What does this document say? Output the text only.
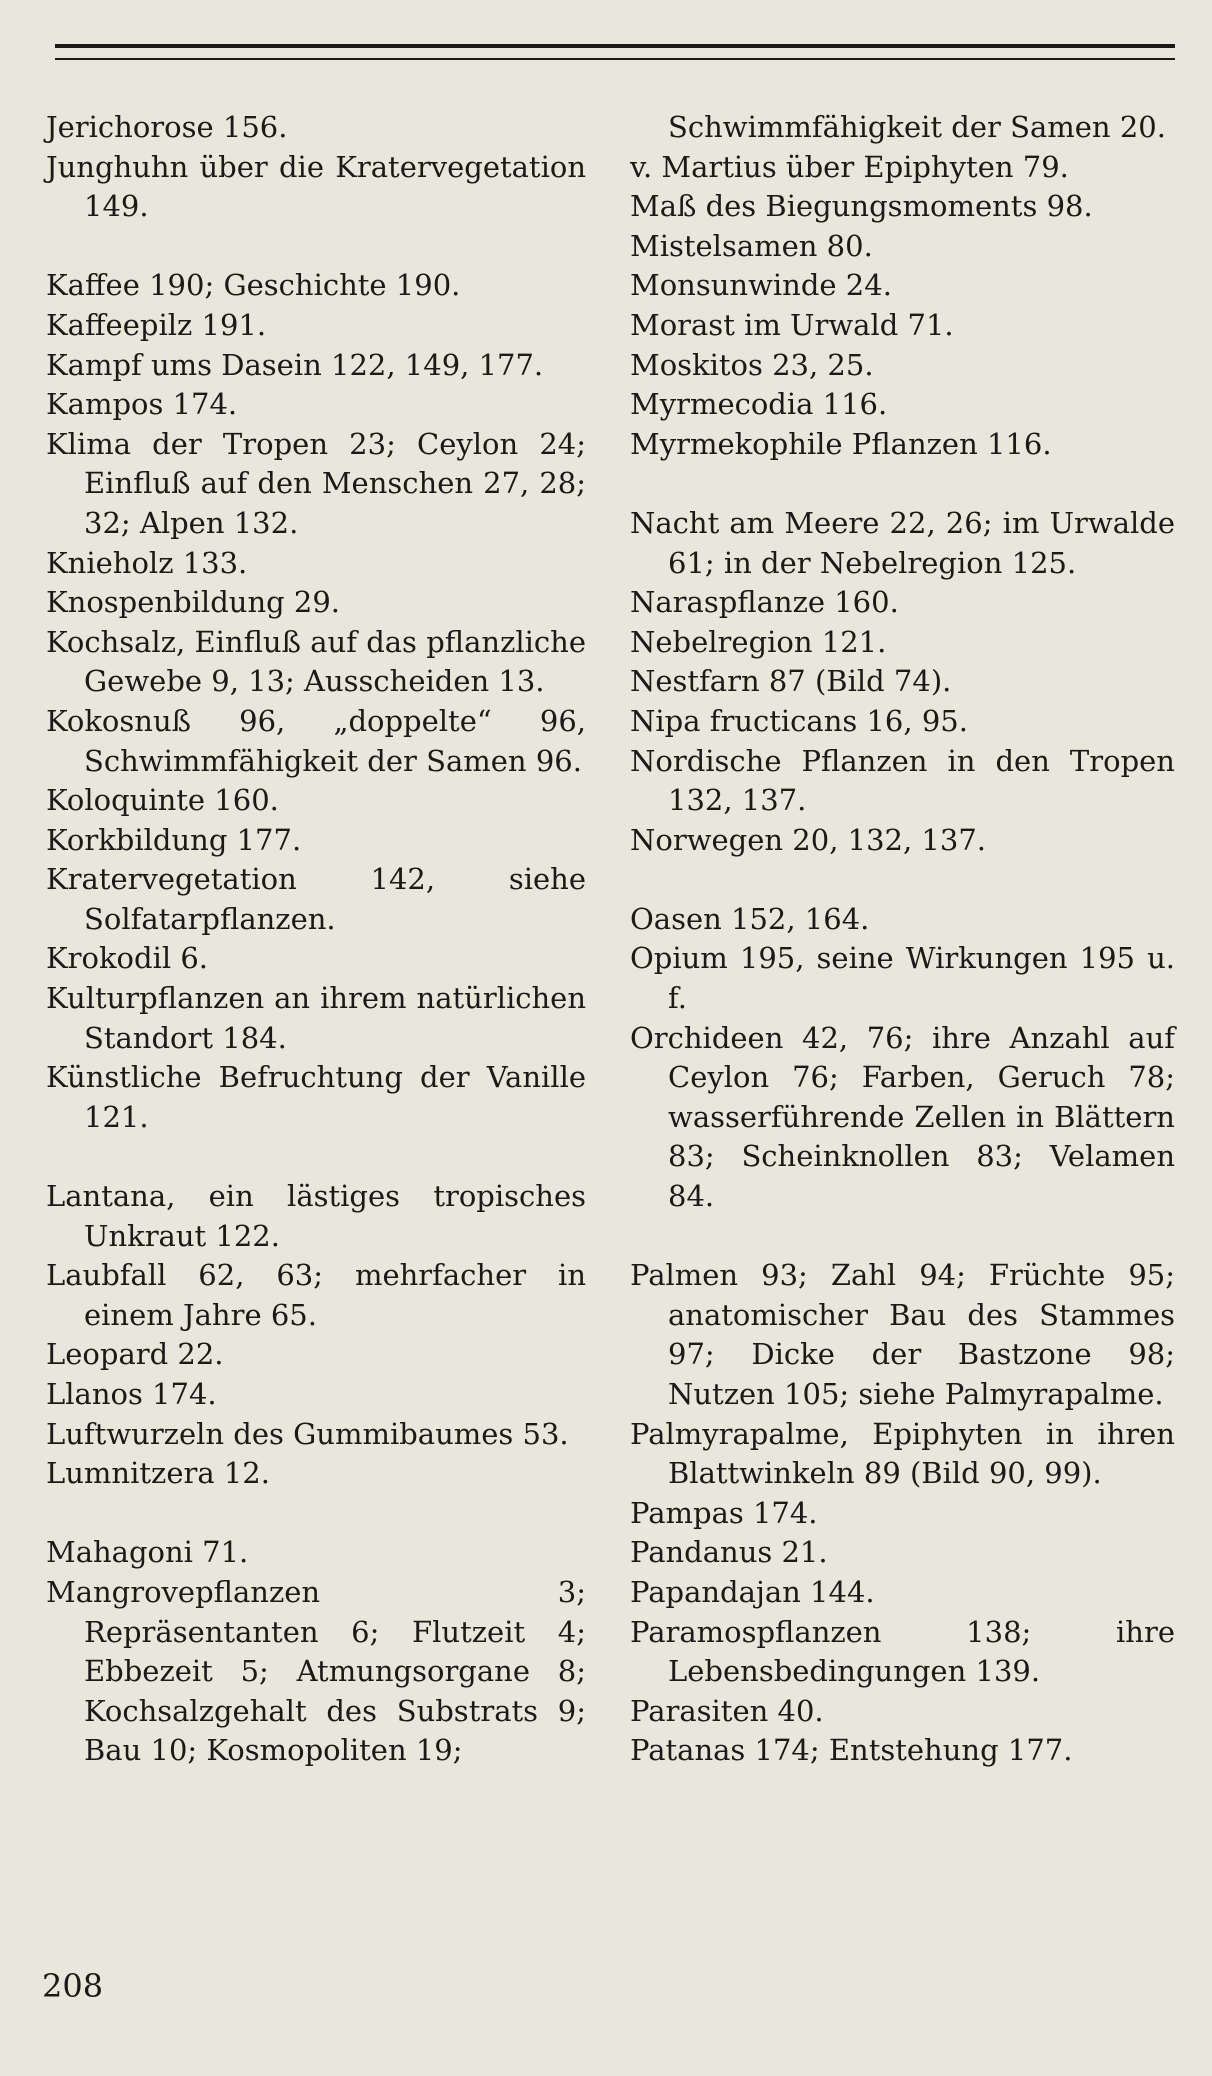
Jerichorose 156.
Junghuhn über die Kratervegetation 149.
Kaffee 190; Geschichte 190.
Kaffeepilz 191.
Kampf ums Dasein 122, 149, 177.
Kampos 174.
Klima der Tropen 23; Ceylon 24; Einfluß auf den Menschen 27, 28; 32; Alpen 132.
Knieholz 133.
Knospenbildung 29.
Kochsalz, Einfluß auf das pflanzliche Gewebe 9, 13; Ausscheiden 13.
Kokosnuß 96, „doppelte“ 96, Schwimmfähigkeit der Samen 96.
Koloquinte 160.
Korkbildung 177.
Kratervegetation 142, siehe Solfatarpflanzen.
Krokodil 6.
Kulturpflanzen an ihrem natürlichen Standort 184.
Künstliche Befruchtung der Vanille 121.
Lantana, ein lästiges tropisches Unkraut 122.
Laubfall 62, 63; mehrfacher in einem Jahre 65.
Leopard 22.
Llanos 174.
Luftwurzeln des Gummibaumes 53.
Lumnitzera 12.
Mahagoni 71.
Mangrovepflanzen 3; Repräsentanten 6; Flutzeit 4; Ebbezeit 5; Atmungsorgane 8; Kochsalzgehalt des Substrats 9; Bau 10; Kosmopoliten 19;
Schwimmfähigkeit der Samen 20.
v. Martius über Epiphyten 79.
Maß des Biegungsmoments 98.
Mistelsamen 80.
Monsunwinde 24.
Morast im Urwald 71.
Moskitos 23, 25.
Myrmecodia 116.
Myrmekophile Pflanzen 116.
Nacht am Meere 22, 26; im Urwalde 61; in der Nebelregion 125.
Naraspflanze 160.
Nebelregion 121.
Nestfarn 87 (Bild 74).
Nipa fructicans 16, 95.
Nordische Pflanzen in den Tropen 132, 137.
Norwegen 20, 132, 137.
Oasen 152, 164.
Opium 195, seine Wirkungen 195 u. f.
Orchideen 42, 76; ihre Anzahl auf Ceylon 76; Farben, Geruch 78; wasserführende Zellen in Blättern 83; Scheinknollen 83; Velamen 84.
Palmen 93; Zahl 94; Früchte 95; anatomischer Bau des Stammes 97; Dicke der Bastzone 98; Nutzen 105; siehe Palmyrapalme.
Palmyrapalme, Epiphyten in ihren Blattwinkeln 89 (Bild 90, 99).
Pampas 174.
Pandanus 21.
Papandajan 144.
Paramospflanzen 138; ihre Lebensbedingungen 139.
Parasiten 40.
Patanas 174; Entstehung 177.
208
